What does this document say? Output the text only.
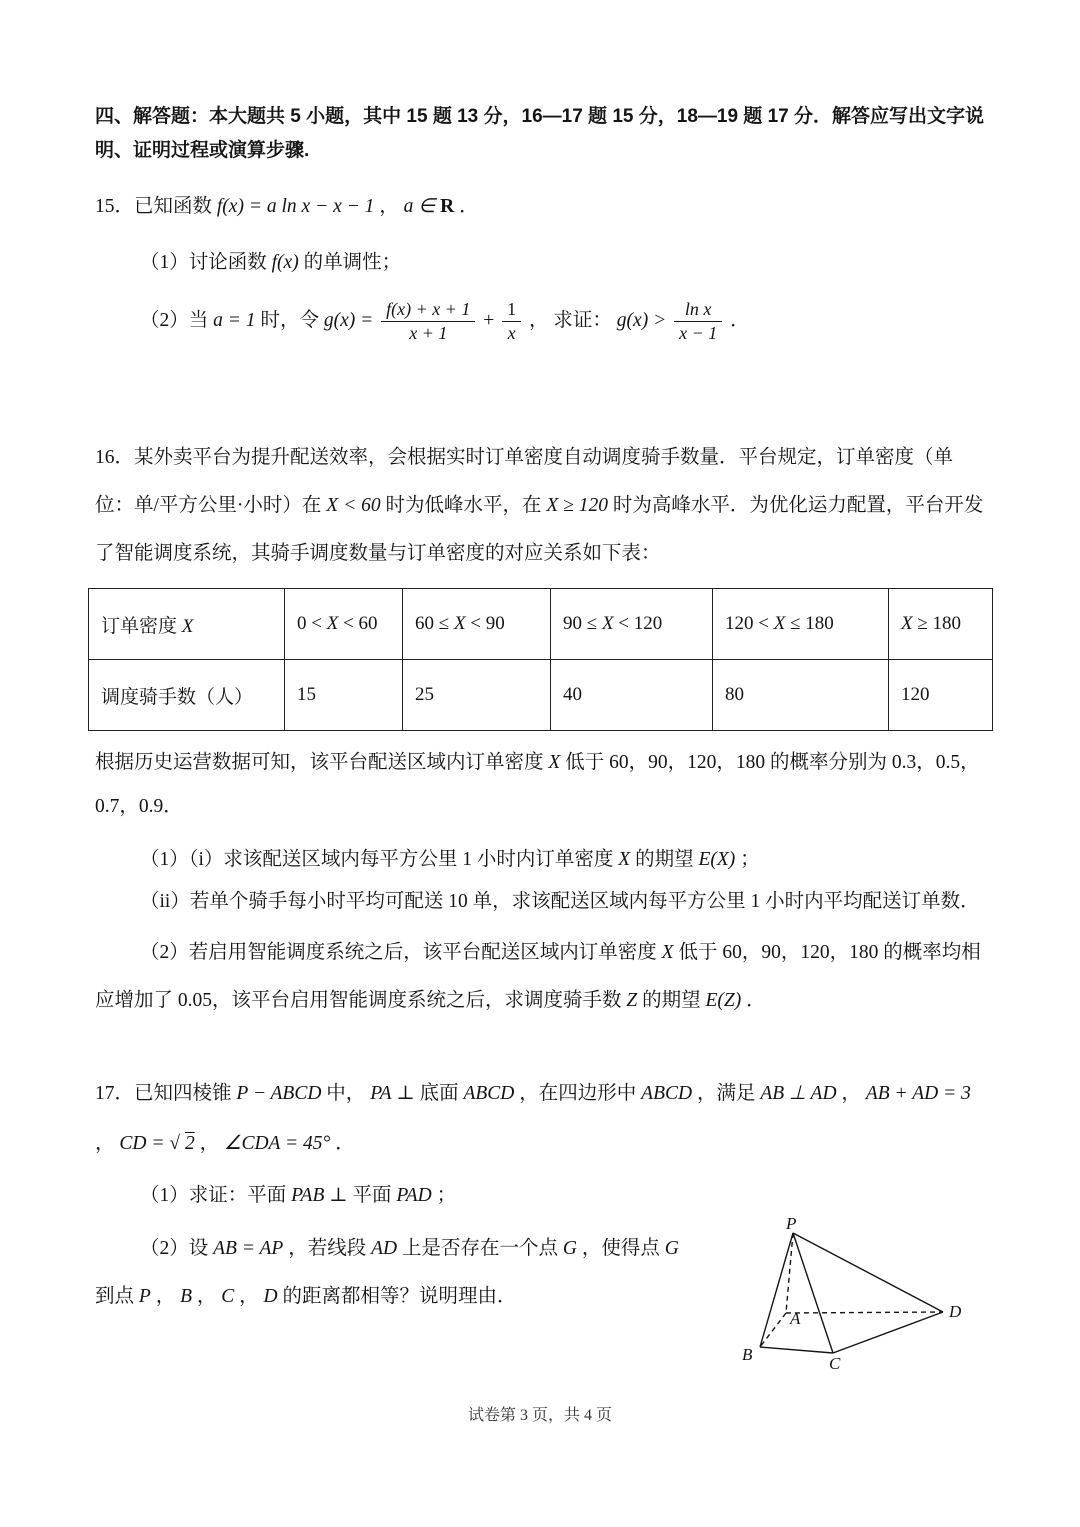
四、解答题：本大题共 5 小题，其中 15 题 13 分，16—17 题 15 分，18—19 题 17 分．解答应写出文字说明、证明过程或演算步骤.

15．已知函数 f(x) = a ln x − x − 1 ， a ∈ R ．

（1）讨论函数 f(x) 的单调性；

（2）当 a = 1 时，令 $g(x) = \frac{f(x) + x + 1}{x + 1} + \frac{1}{x}$ ， 求证： $g(x) > \frac{\text{ln x}}{x - 1}$ ．

16．某外卖平台为提升配送效率，会根据实时订单密度自动调度骑手数量．平台规定，订单密度（单位：单/平方公里·小时）在 X < 60 时为低峰水平，在 X ≥ 120 时为高峰水平．为优化运力配置，平台开发了智能调度系统，其骑手调度数量与订单密度的对应关系如下表：

订单密度 X	0 < X < 60	60 ≤ X < 90	90 ≤ X < 120	120 < X ≤ 180	X ≥ 180
调度骑手数（人）	15	25	40	80	120

根据历史运营数据可知，该平台配送区域内订单密度 X 低于 60，90，120，180 的概率分别为 0.3，0.5，0.7，0.9．

（1）（i）求该配送区域内每平方公里 1 小时内订单密度 X 的期望 E(X) ；

（ii）若单个骑手每小时平均可配送 10 单，求该配送区域内每平方公里 1 小时内平均配送订单数．

（2）若启用智能调度系统之后，该平台配送区域内订单密度 X 低于 60，90，120，180 的概率均相应增加了 0.05，该平台启用智能调度系统之后，求调度骑手数 Z 的期望 E(Z) ．

17．已知四棱锥 P − ABCD 中， PA ⊥ 底面 ABCD ，在四边形中 ABCD ，满足 AB ⊥ AD ， AB + AD = 3 ， CD = √ 2 ， ∠CDA = 45° ．

（1）求证：平面 PAB ⊥ 平面 PAD ；

（2）设 AB = AP ，若线段 AD 上是否存在一个点 G ，使得点 G 到点 P ， B ， C ， D 的距离都相等？说明理由．

P
A
B	C
D

试卷第 3 页，共 4 页
